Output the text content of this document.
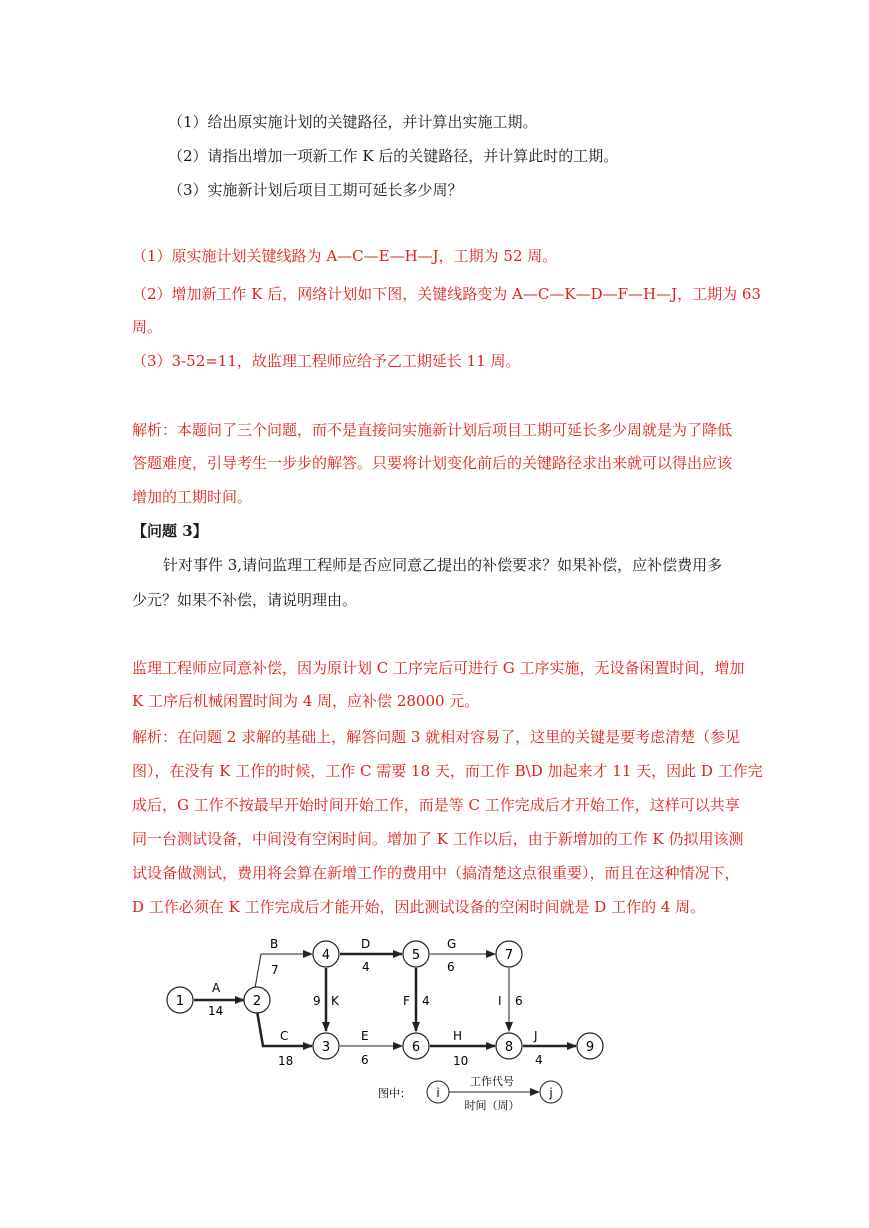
（1）给出原实施计划的关键路径，并计算出实施工期。
（2）请指出增加一项新工作 K 后的关键路径，并计算此时的工期。
（3）实施新计划后项目工期可延长多少周？
（1）原实施计划关键线路为 A—C—E—H—J，工期为 52 周。
（2）增加新工作 K 后，网络计划如下图，关键线路变为 A—C—K—D—F—H—J，工期为 63
周。
（3）3-52=11，故监理工程师应给予乙工期延长 11 周。
解析：本题问了三个问题，而不是直接问实施新计划后项目工期可延长多少周就是为了降低
答题难度，引导考生一步步的解答。只要将计划变化前后的关键路径求出来就可以得出应该
增加的工期时间。
【问题 3】
针对事件 3,请问监理工程师是否应同意乙提出的补偿要求？如果补偿，应补偿费用多
少元？如果不补偿，请说明理由。
监理工程师应同意补偿，因为原计划 C 工序完后可进行 G 工序实施，无设备闲置时间，增加
K 工序后机械闲置时间为 4 周，应补偿 28000 元。
解析：在问题 2 求解的基础上，解答问题 3 就相对容易了，这里的关键是要考虑清楚（参见
图），在没有 K 工作的时候，工作 C 需要 18 天，而工作 B\D 加起来才 11 天，因此 D 工作完
成后，G 工作不按最早开始时间开始工作，而是等 C 工作完成后才开始工作，这样可以共享
同一台测试设备，中间没有空闲时间。增加了 K 工作以后，由于新增加的工作 K 仍拟用该测
试设备做测试，费用将会算在新增工作的费用中（搞清楚这点很重要），而且在这种情况下，
D 工作必须在 K 工作完成后才能开始，因此测试设备的空闲时间就是 D 工作的 4 周。
1	2
3
4	5
6
7
8	9
A
14
B
7
C
18
D
4
E
6
F 4
G
6
H
10
I 6
J
4
9 K
图中： i	j
工作代号
时间（周）
